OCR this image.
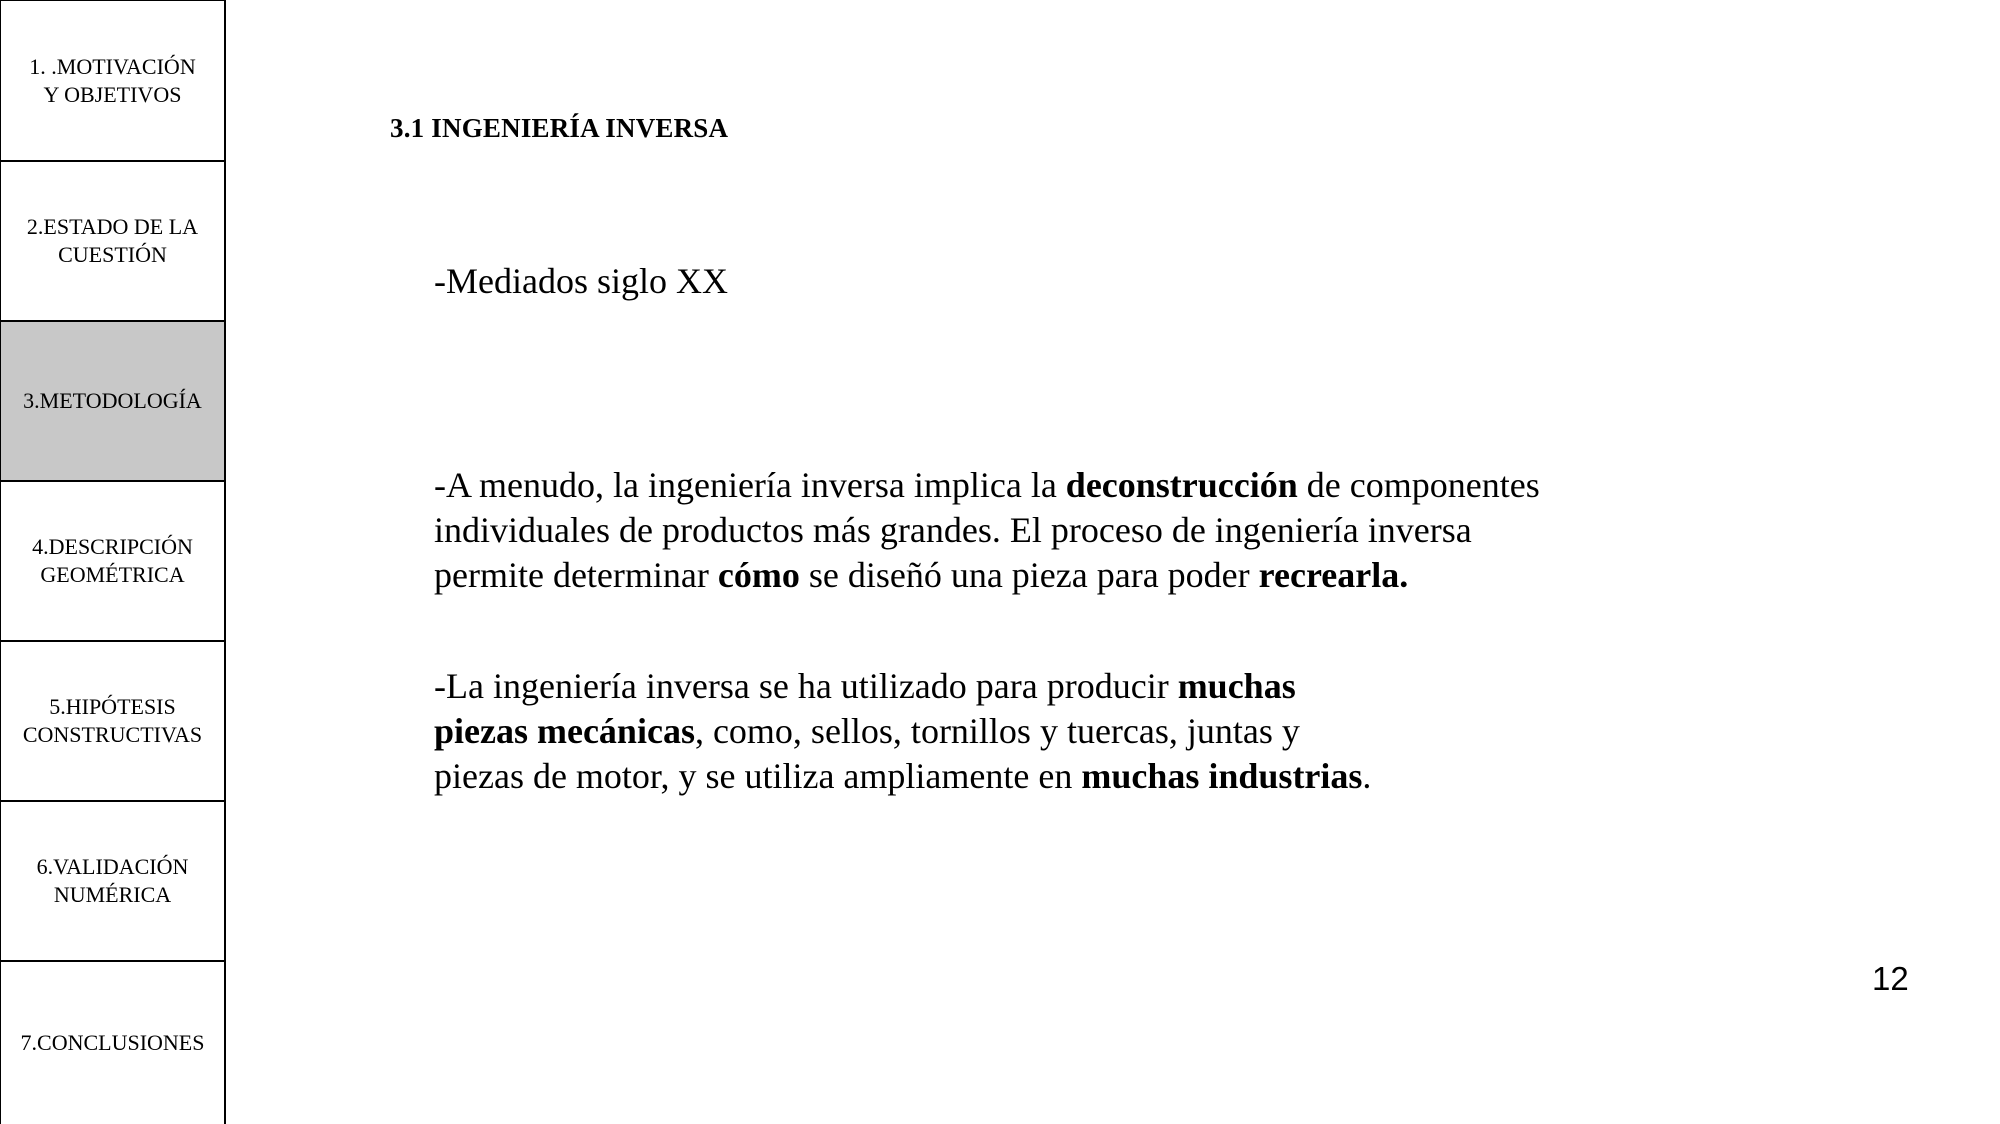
1. .MOTIVACIÓN
Y OBJETIVOS
2.ESTADO DE LA
CUESTIÓN
3.METODOLOGÍA
4.DESCRIPCIÓN
GEOMÉTRICA
5.HIPÓTESIS
CONSTRUCTIVAS
6.VALIDACIÓN
NUMÉRICA
7.CONCLUSIONES
3.1 INGENIERÍA INVERSA
-Mediados siglo XX
-A menudo, la ingeniería inversa implica la deconstrucción de componentes
individuales de productos más grandes. El proceso de ingeniería inversa
permite determinar cómo se diseñó una pieza para poder recrearla.
-La ingeniería inversa se ha utilizado para producir muchas
piezas mecánicas, como, sellos, tornillos y tuercas, juntas y
piezas de motor, y se utiliza ampliamente en muchas industrias.
12
